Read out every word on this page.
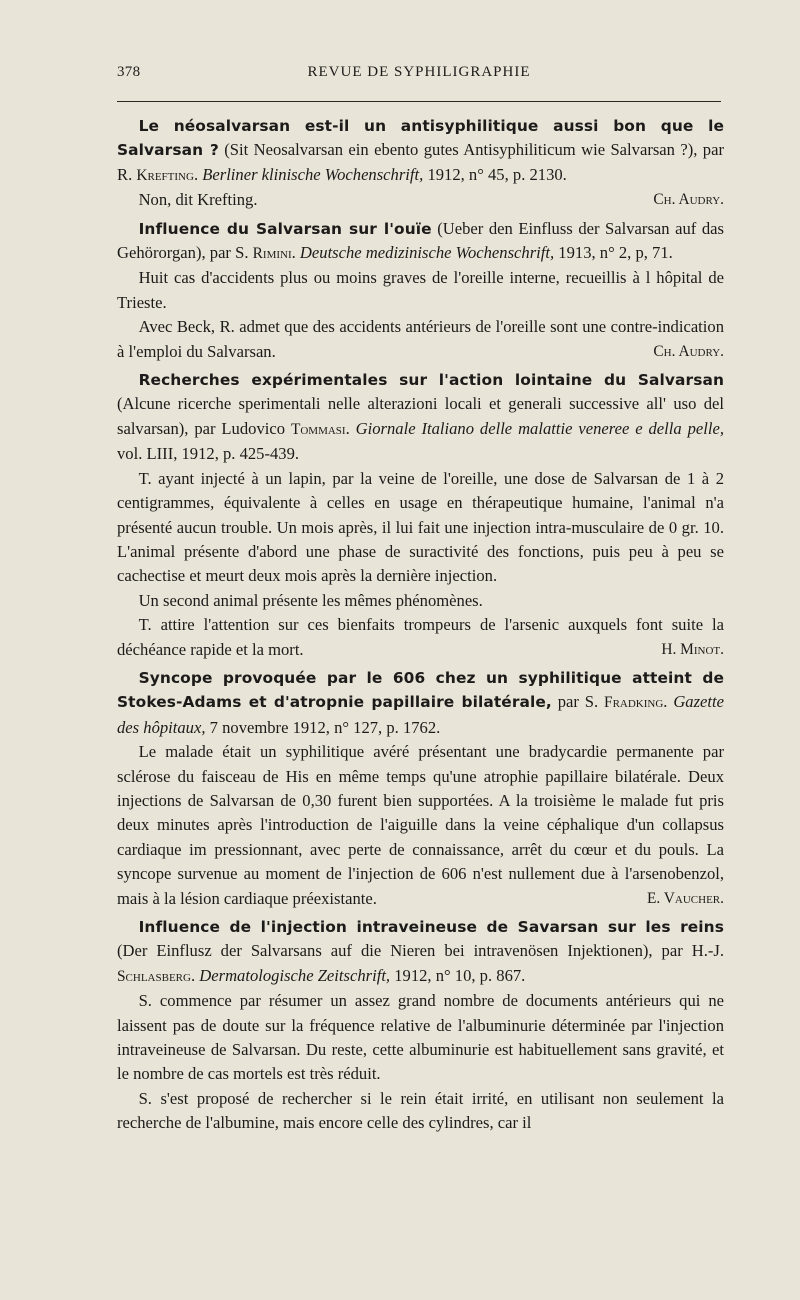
378	REVUE DE SYPHILIGRAPHIE

Le néosalvarsan est-il un antisyphilitique aussi bon que le Salvarsan ? (Sit Neosalvarsan ein ebento gutes Antisyphiliticum wie Salvarsan ?), par R. Krefting. Berliner klinische Wochenschrift, 1912, n° 45, p. 2130.

Non, dit Krefting.	Ch. Audry.

Influence du Salvarsan sur l'ouïe (Ueber den Einfluss der Salvarsan auf das Gehörorgan), par S. Rimini. Deutsche medizinische Wochenschrift, 1913, n° 2, p, 71.

Huit cas d'accidents plus ou moins graves de l'oreille interne, recueillis à l hôpital de Trieste.

Avec Beck, R. admet que des accidents antérieurs de l'oreille sont une contre-indication à l'emploi du Salvarsan.	Ch. Audry.

Recherches expérimentales sur l'action lointaine du Salvarsan (Alcune ricerche sperimentali nelle alterazioni locali et generali successive all' uso del salvarsan), par Ludovico Tommasi. Giornale Italiano delle malattie veneree e della pelle, vol. LIII, 1912, p. 425-439.

T. ayant injecté à un lapin, par la veine de l'oreille, une dose de Salvarsan de 1 à 2 centigrammes, équivalente à celles en usage en thérapeutique humaine, l'animal n'a présenté aucun trouble. Un mois après, il lui fait une injection intra-musculaire de 0 gr. 10. L'animal présente d'abord une phase de suractivité des fonctions, puis peu à peu se cachectise et meurt deux mois après la dernière injection.

Un second animal présente les mêmes phénomènes.

T. attire l'attention sur ces bienfaits trompeurs de l'arsenic auxquels font suite la déchéance rapide et la mort.	H. Minot.

Syncope provoquée par le 606 chez un syphilitique atteint de Stokes-Adams et d'atropnie papillaire bilatérale, par S. Fradking. Gazette des hôpitaux, 7 novembre 1912, n° 127, p. 1762.

Le malade était un syphilitique avéré présentant une bradycardie permanente par sclérose du faisceau de His en même temps qu'une atrophie papillaire bilatérale. Deux injections de Salvarsan de 0,30 furent bien supportées. A la troisième le malade fut pris deux minutes après l'introduction de l'aiguille dans la veine céphalique d'un collapsus cardiaque im pressionnant, avec perte de connaissance, arrêt du cœur et du pouls. La syncope survenue au moment de l'injection de 606 n'est nullement due à l'arsenobenzol, mais à la lésion cardiaque préexistante.	E. Vaucher.

Influence de l'injection intraveineuse de Savarsan sur les reins (Der Einflusz der Salvarsans auf die Nieren bei intravenösen Injektionen), par H.-J. Schlasberg. Dermatologische Zeitschrift, 1912, n° 10, p. 867.

S. commence par résumer un assez grand nombre de documents antérieurs qui ne laissent pas de doute sur la fréquence relative de l'albuminurie déterminée par l'injection intraveineuse de Salvarsan. Du reste, cette albuminurie est habituellement sans gravité, et le nombre de cas mortels est très réduit.

S. s'est proposé de rechercher si le rein était irrité, en utilisant non seulement la recherche de l'albumine, mais encore celle des cylindres, car il
